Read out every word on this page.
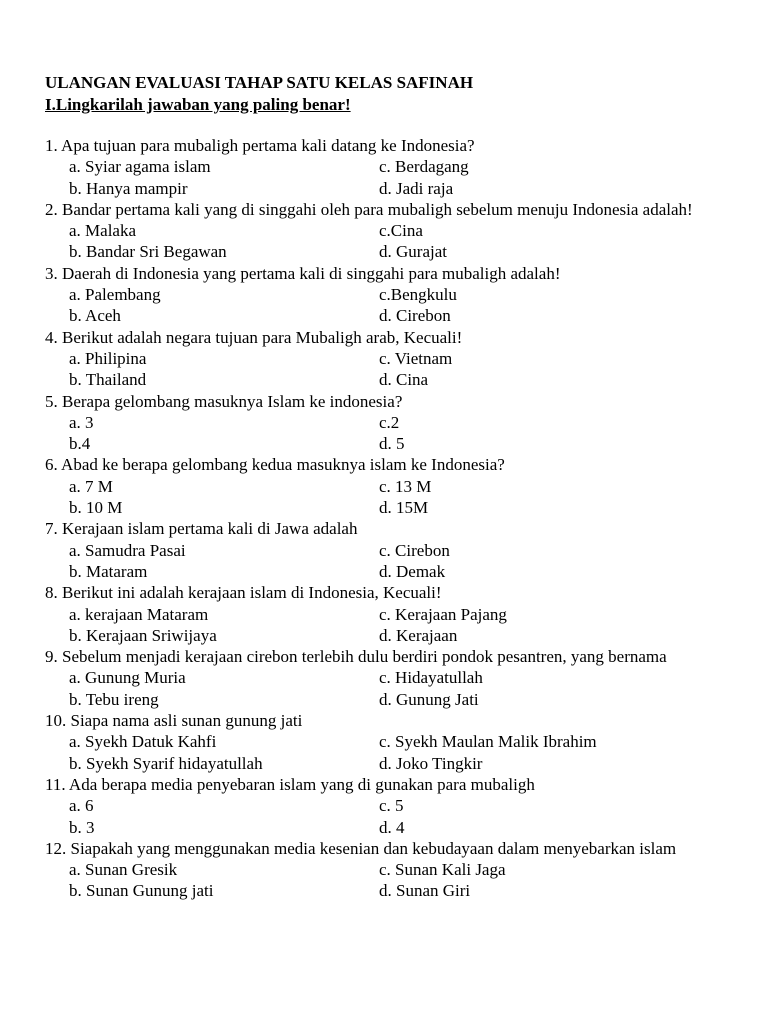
ULANGAN EVALUASI TAHAP SATU KELAS SAFINAH
I.Lingkarilah jawaban yang paling benar!
1. Apa tujuan para mubaligh pertama kali datang ke Indonesia?
a. Syiar agama islam	c. Berdagang
b. Hanya mampir	d. Jadi raja
2. Bandar pertama kali yang di singgahi oleh para mubaligh sebelum menuju Indonesia adalah!
a. Malaka	c.Cina
b. Bandar Sri Begawan	d. Gurajat
3. Daerah di Indonesia yang pertama kali di singgahi para mubaligh adalah!
a. Palembang	c.Bengkulu
b. Aceh	d. Cirebon
4. Berikut adalah negara tujuan para Mubaligh arab, Kecuali!
a. Philipina	c. Vietnam
b. Thailand	d. Cina
5. Berapa gelombang masuknya Islam ke indonesia?
a. 3	c.2
b.4	d. 5
6. Abad ke berapa gelombang kedua masuknya islam ke Indonesia?
a. 7 M	c. 13 M
b. 10 M	d. 15M
7. Kerajaan islam pertama kali di Jawa adalah
a. Samudra Pasai	c. Cirebon
b. Mataram	d. Demak
8. Berikut ini adalah kerajaan islam di Indonesia, Kecuali!
a. kerajaan Mataram	c. Kerajaan Pajang
b. Kerajaan Sriwijaya	d. Kerajaan
9. Sebelum menjadi kerajaan cirebon terlebih dulu berdiri pondok pesantren, yang bernama
a. Gunung Muria	c. Hidayatullah
b. Tebu ireng	d. Gunung Jati
10. Siapa nama asli sunan gunung jati
a. Syekh Datuk Kahfi	c. Syekh Maulan Malik Ibrahim
b. Syekh Syarif hidayatullah	d. Joko Tingkir
11. Ada berapa media penyebaran islam yang di gunakan para mubaligh
a. 6	c. 5
b. 3	d. 4
12. Siapakah yang menggunakan media kesenian dan kebudayaan dalam menyebarkan islam
a. Sunan Gresik	c. Sunan Kali Jaga
b. Sunan Gunung jati	d. Sunan Giri
